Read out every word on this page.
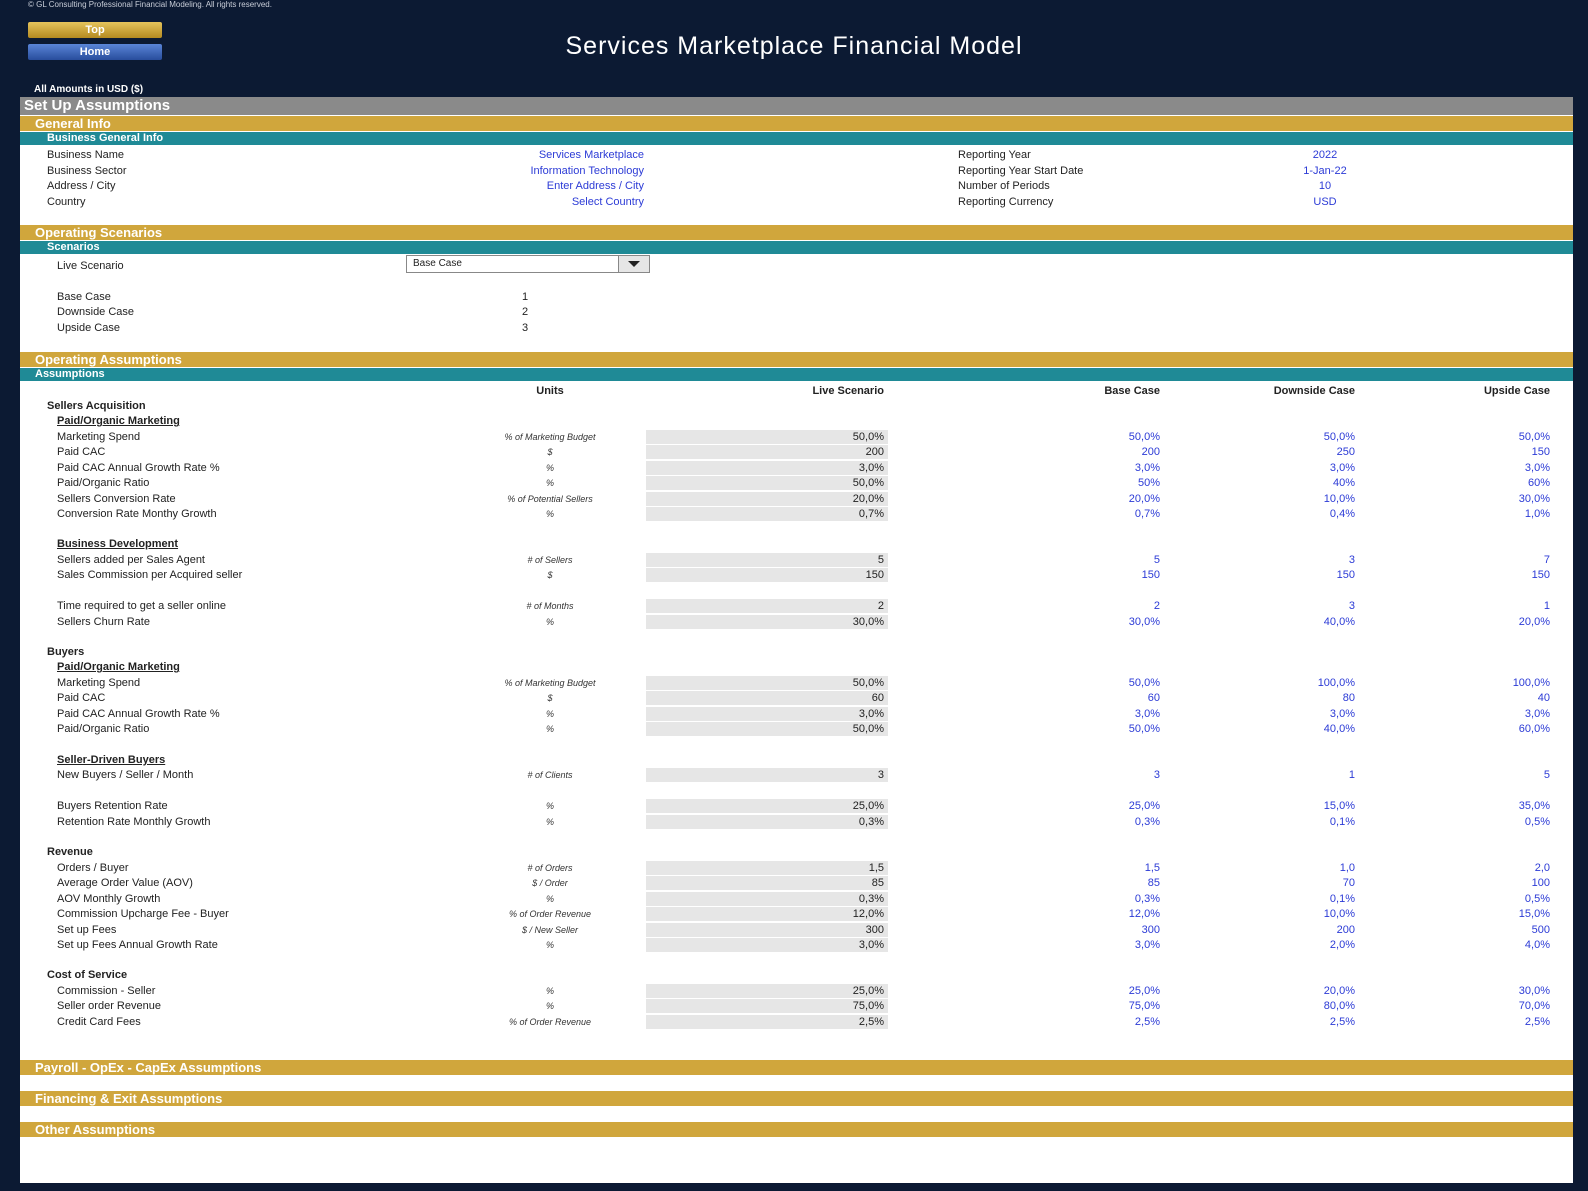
© GL Consulting Professional Financial Modeling. All rights reserved.
Top
Home	Services Marketplace Financial Model
All Amounts in USD ($)
Set Up Assumptions
General Info
Business General Info
Business Name	Services Marketplace
Business Sector	Information Technology
Address / City	Enter Address / City
Country	Select Country
Reporting Year	2022
Reporting Year Start Date	1-Jan-22
Number of Periods	10
Reporting Currency	USD
Operating Scenarios
Scenarios
Live Scenario	Base Case
Base Case	1
Downside Case	2
Upside Case	3
Operating Assumptions
Assumptions
Units	Live Scenario	Base Case	Downside Case	Upside Case
Sellers Acquisition
Paid/Organic Marketing
Business Development
Buyers
Paid/Organic Marketing
Seller-Driven Buyers
Revenue
Cost of Service
Marketing Spend	% of Marketing Budget	50,0%	50,0%	50,0%	50,0%
Paid CAC	$	200	200	250	150
Paid CAC Annual Growth Rate %	%	3,0%	3,0%	3,0%	3,0%
Paid/Organic Ratio	%	50,0%	50%	40%	60%
Sellers Conversion Rate	% of Potential Sellers	20,0%	20,0%	10,0%	30,0%
Conversion Rate Monthy Growth	%	0,7%	0,7%	0,4%	1,0%
Sellers added per Sales Agent	# of Sellers	5	5	3	7
Sales Commission per Acquired seller	$	150	150	150	150
Time required to get a seller online	# of Months	2	2	3	1
Sellers Churn Rate	%	30,0%	30,0%	40,0%	20,0%
Marketing Spend	% of Marketing Budget	50,0%	50,0%	100,0%	100,0%
Paid CAC	$	60	60	80	40
Paid CAC Annual Growth Rate %	%	3,0%	3,0%	3,0%	3,0%
Paid/Organic Ratio	%	50,0%	50,0%	40,0%	60,0%
New Buyers / Seller / Month	# of Clients	3	3	1	5
Buyers Retention Rate	%	25,0%	25,0%	15,0%	35,0%
Retention Rate Monthly Growth	%	0,3%	0,3%	0,1%	0,5%
Orders / Buyer	# of Orders	1,5	1,5	1,0	2,0
Average Order Value (AOV)	$ / Order	85	85	70	100
AOV Monthly Growth	%	0,3%	0,3%	0,1%	0,5%
Commission Upcharge Fee - Buyer	% of Order Revenue	12,0%	12,0%	10,0%	15,0%
Set up Fees	$ / New Seller	300	300	200	500
Set up Fees Annual Growth Rate	%	3,0%	3,0%	2,0%	4,0%
Commission - Seller	%	25,0%	25,0%	20,0%	30,0%
Seller order Revenue	%	75,0%	75,0%	80,0%	70,0%
Credit Card Fees	% of Order Revenue	2,5%	2,5%	2,5%	2,5%
Payroll - OpEx - CapEx Assumptions
Financing & Exit Assumptions
Other Assumptions
